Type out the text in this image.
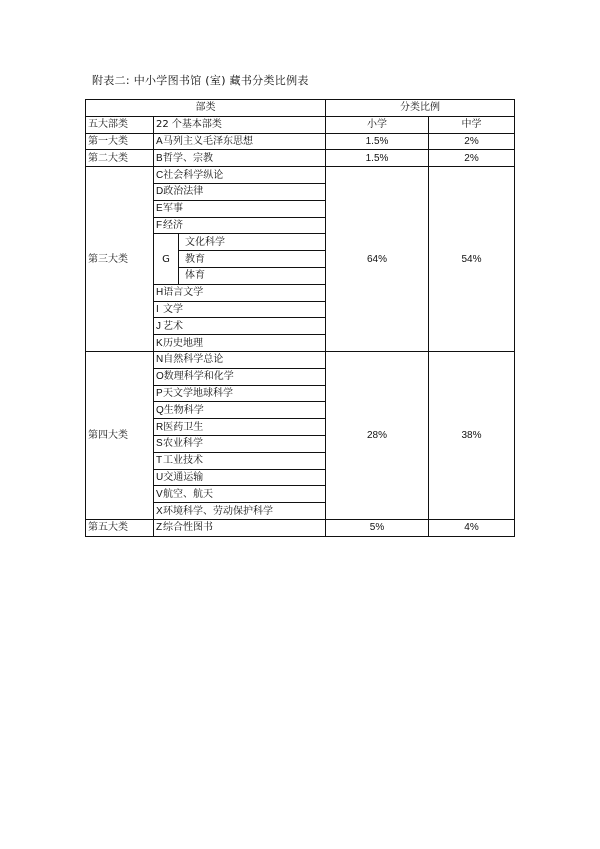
附表二: 中小学图书馆 (室) 藏书分类比例表
部类			分类比例	
五大部类	22 个基本部类		小学	中学
第一大类	A马列主义毛泽东思想		1.5%	2%
第二大类	B哲学、宗教		1.5%	2%
第三大类	C社会科学纵论		64%	54%
	D政治法律			
	E军事			
	F经济			
	G	文化科学		
		教育		
		体育		
	H语言文学			
	I 文学			
	J 艺术			
	K历史地理			
第四大类	N自然科学总论		28%	38%
	O数理科学和化学			
	P天文学地球科学			
	Q生物科学			
	R医药卫生			
	S农业科学			
	T工业技术			
	U交通运输			
	V航空、航天			
	X环境科学、劳动保护科学			
第五大类	Z综合性图书		5%	4%
